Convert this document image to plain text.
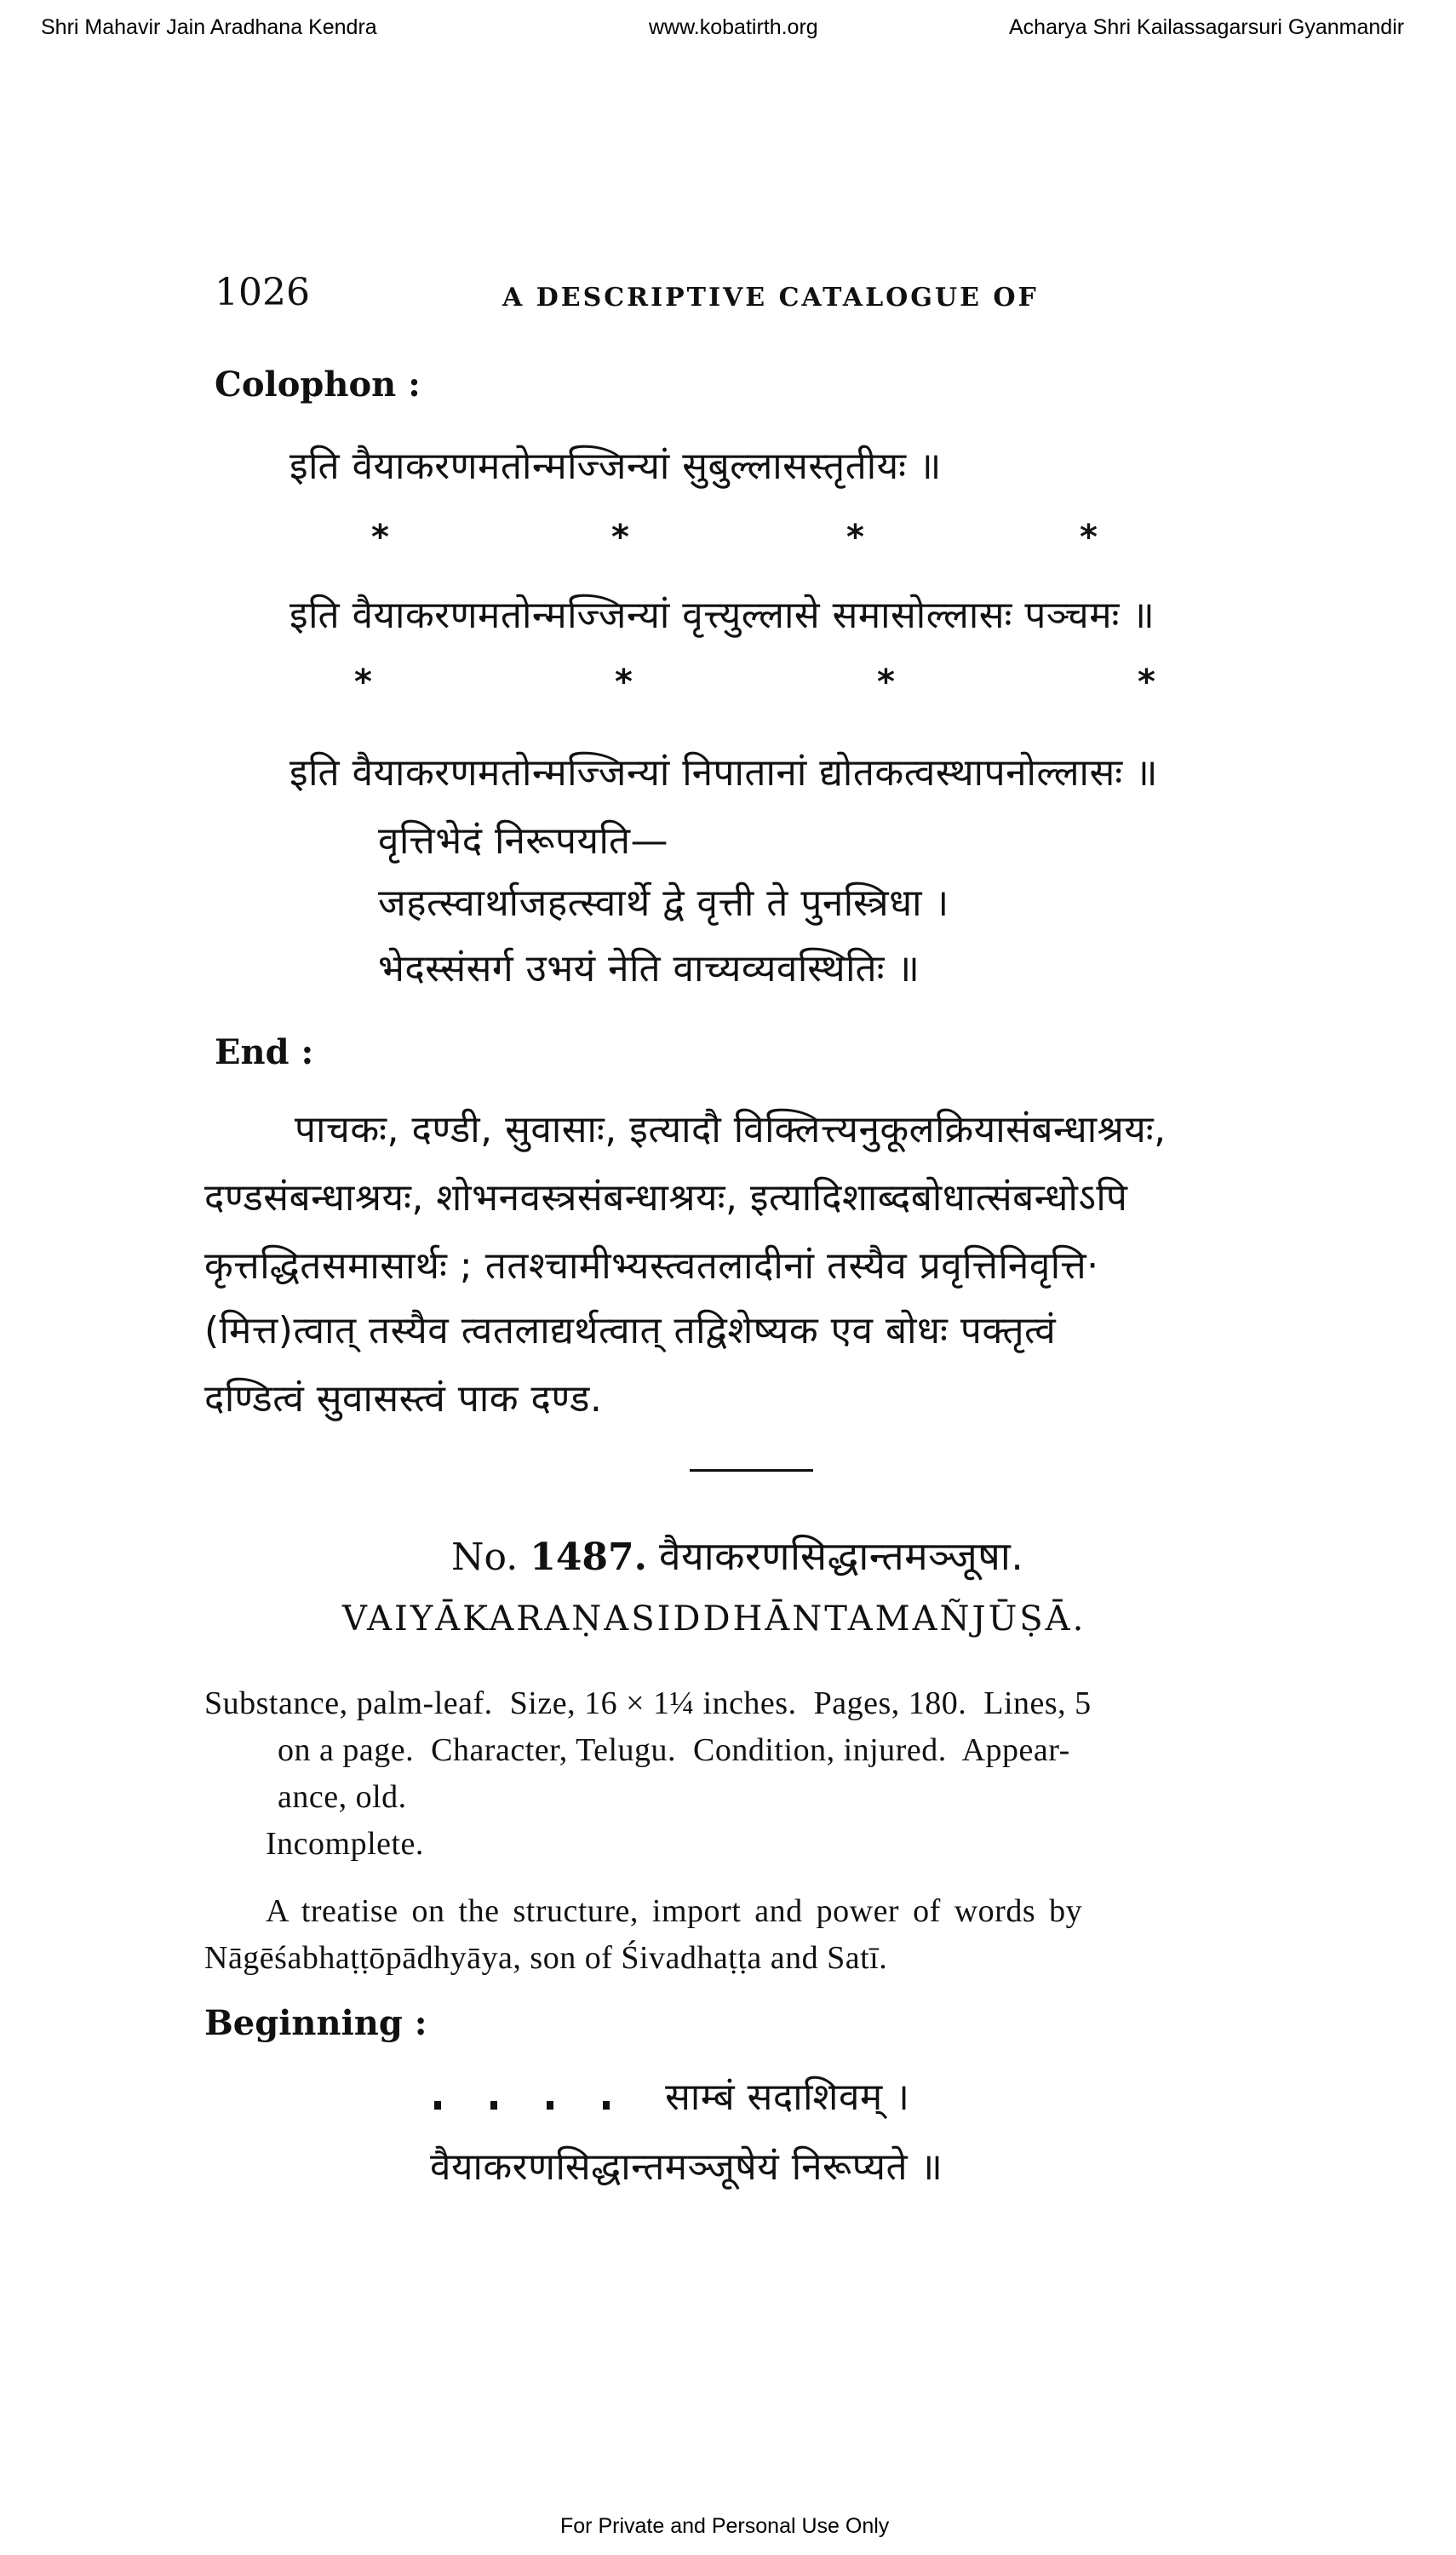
Shri Mahavir Jain Aradhana Kendra	www.kobatirth.org	Acharya Shri Kailassagarsuri Gyanmandir
1026	A DESCRIPTIVE CATALOGUE OF
Colophon :
इति वैयाकरणमतोन्मज्जिन्यां सुबुल्लासस्तृतीयः ॥
*	*	*	*
इति वैयाकरणमतोन्मज्जिन्यां वृत्त्युल्लासे समासोल्लासः पञ्चमः ॥
*	*	*	*
इति वैयाकरणमतोन्मज्जिन्यां निपातानां द्योतकत्वस्थापनोल्लासः ॥
वृत्तिभेदं निरूपयति—
जहत्स्वार्थाजहत्स्वार्थे द्वे वृत्ती ते पुनस्त्रिधा ।
भेदस्संसर्ग उभयं नेति वाच्यव्यवस्थितिः ॥
End :
पाचकः, दण्डी, सुवासाः, इत्यादौ विक्लित्त्यनुकूलक्रियासंबन्धाश्रयः,
दण्डसंबन्धाश्रयः, शोभनवस्त्रसंबन्धाश्रयः, इत्यादिशाब्दबोधात्संबन्धोऽपि
कृत्तद्धितसमासार्थः ; ततश्चामीभ्यस्त्वतलादीनां तस्यैव प्रवृत्तिनिवृत्ति·
(मित्त)त्वात् तस्यैव त्वतलाद्यर्थत्वात् तद्विशेष्यक एव बोधः पक्तृत्वं
दण्डित्वं सुवासस्त्वं पाक दण्ड.
No. 1487. वैयाकरणसिद्धान्तमञ्जूषा.
VAIYĀKARAṆASIDDHĀNTAMAÑJŪṢĀ.
Substance, palm-leaf.  Size, 16 × 1¼ inches.  Pages, 180.  Lines, 5
on a page.  Character, Telugu.  Condition, injured.  Appear-
ance, old.
Incomplete.
A treatise on the structure, import and power of words by
Nāgēśabhaṭṭōpādhyāya, son of Śivadhaṭṭa and Satī.
Beginning :
साम्बं सदाशिवम् ।
वैयाकरणसिद्धान्तमञ्जूषेयं निरूप्यते ॥
For Private and Personal Use Only
